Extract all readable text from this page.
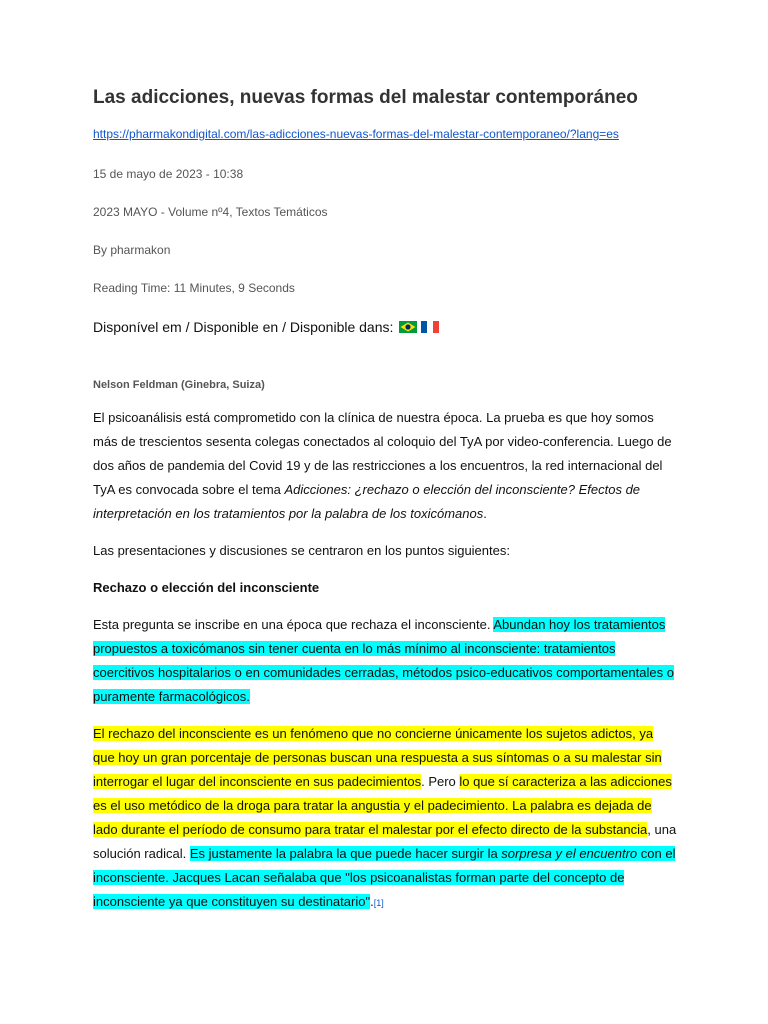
Las adicciones, nuevas formas del malestar contemporáneo
https://pharmakondigital.com/las-adicciones-nuevas-formas-del-malestar-contemporaneo/?lang=es
15 de mayo de 2023 - 10:38
2023 MAYO - Volume nº4, Textos Temáticos
By pharmakon
Reading Time: 11 Minutes, 9 Seconds
Disponível em / Disponible en / Disponible dans:
Nelson Feldman (Ginebra, Suiza)

El psicoanálisis está comprometido con la clínica de nuestra época. La prueba es que hoy somos más de trescientos sesenta colegas conectados al coloquio del TyA por video-conferencia. Luego de dos años de pandemia del Covid 19 y de las restricciones a los encuentros, la red internacional del TyA es convocada sobre el tema Adicciones: ¿rechazo o elección del inconsciente? Efectos de interpretación en los tratamientos por la palabra de los toxicómanos.

Las presentaciones y discusiones se centraron en los puntos siguientes:

Rechazo o elección del inconsciente

Esta pregunta se inscribe en una época que rechaza el inconsciente. Abundan hoy los tratamientos propuestos a toxicómanos sin tener cuenta en lo más mínimo al inconsciente: tratamientos coercitivos hospitalarios o en comunidades cerradas, métodos psico-educativos comportamentales o puramente farmacológicos.

El rechazo del inconsciente es un fenómeno que no concierne únicamente los sujetos adictos, ya que hoy un gran porcentaje de personas buscan una respuesta a sus síntomas o a su malestar sin interrogar el lugar del inconsciente en sus padecimientos. Pero lo que sí caracteriza a las adicciones es el uso metódico de la droga para tratar la angustia y el padecimiento. La palabra es dejada de lado durante el período de consumo para tratar el malestar por el efecto directo de la substancia, una solución radical. Es justamente la palabra la que puede hacer surgir la sorpresa y el encuentro con el inconsciente. Jacques Lacan señalaba que "los psicoanalistas forman parte del concepto de inconsciente ya que constituyen su destinatario".[1]
